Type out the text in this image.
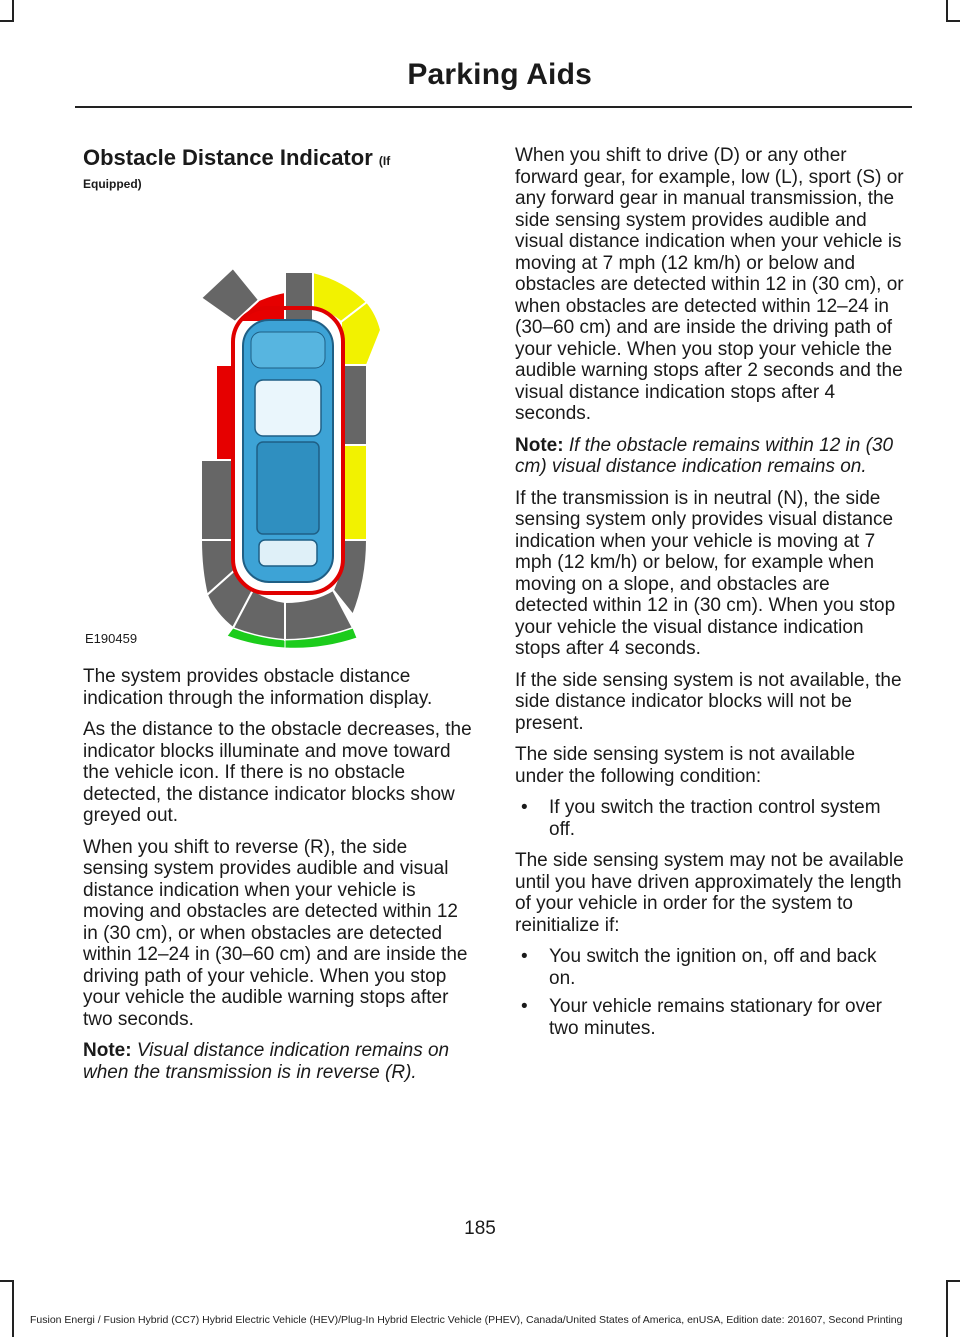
Parking Aids
Obstacle Distance Indicator (If
Equipped)
E190459

The system provides obstacle distance indication through the information display.

As the distance to the obstacle decreases, the indicator blocks illuminate and move toward the vehicle icon. If there is no obstacle detected, the distance indicator blocks show greyed out.

When you shift to reverse (R), the side sensing system provides audible and visual distance indication when your vehicle is moving and obstacles are detected within 12 in (30 cm), or when obstacles are detected within 12–24 in (30–60 cm) and are inside the driving path of your vehicle. When you stop your vehicle the audible warning stops after two seconds.

Note: Visual distance indication remains on when the transmission is in reverse (R).

When you shift to drive (D) or any other forward gear, for example, low (L), sport (S) or any forward gear in manual transmission, the side sensing system provides audible and visual distance indication when your vehicle is moving at 7 mph (12 km/h) or below and obstacles are detected within 12 in (30 cm), or when obstacles are detected within 12–24 in (30–60 cm) and are inside the driving path of your vehicle. When you stop your vehicle the audible warning stops after 2 seconds and the visual distance indication stops after 4 seconds.

Note: If the obstacle remains within 12 in (30 cm) visual distance indication remains on.

If the transmission is in neutral (N), the side sensing system only provides visual distance indication when your vehicle is moving at 7 mph (12 km/h) or below, for example when moving on a slope, and obstacles are detected within 12 in (30 cm). When you stop your vehicle the visual distance indication stops after 4 seconds.

If the side sensing system is not available, the side distance indicator blocks will not be present.

The side sensing system is not available under the following condition:

• If you switch the traction control system off.

The side sensing system may not be available until you have driven approximately the length of your vehicle in order for the system to reinitialize if:

• You switch the ignition on, off and back on.
• Your vehicle remains stationary for over two minutes.
185
Fusion Energi / Fusion Hybrid (CC7) Hybrid Electric Vehicle (HEV)/Plug-In Hybrid Electric Vehicle (PHEV), Canada/United States of America, enUSA, Edition date: 201607, Second Printing
